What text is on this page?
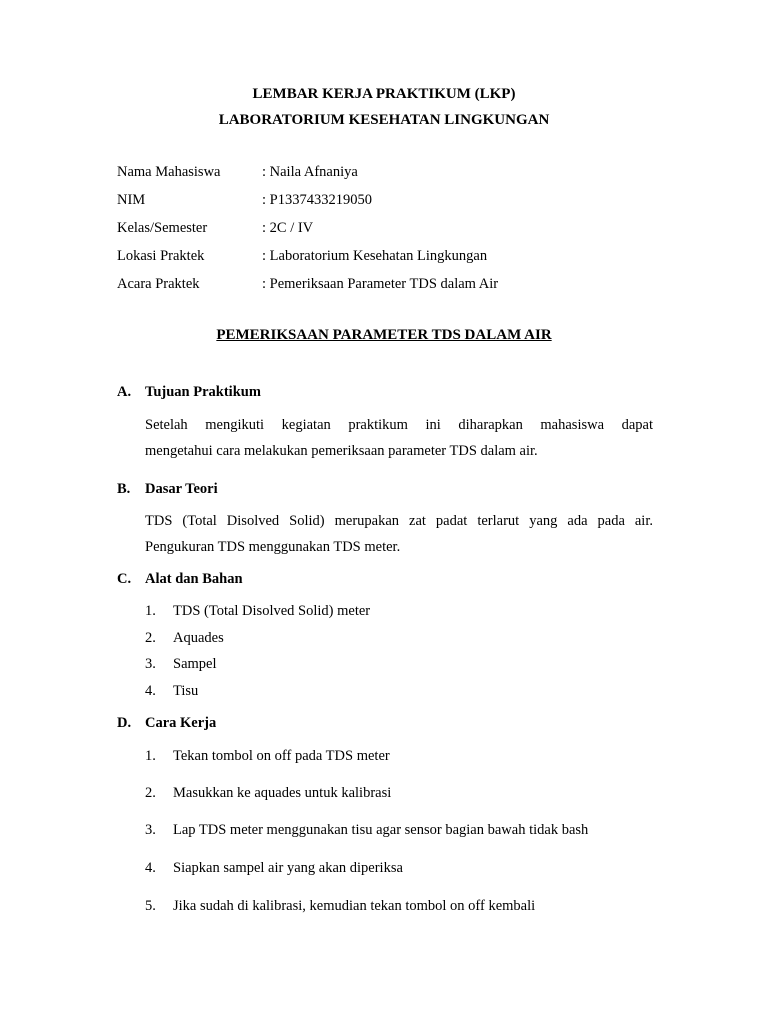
LEMBAR KERJA PRAKTIKUM (LKP)
LABORATORIUM KESEHATAN LINGKUNGAN
Nama Mahasiswa	: Naila Afnaniya
NIM	: P1337433219050
Kelas/Semester	: 2C / IV
Lokasi Praktek	: Laboratorium Kesehatan Lingkungan
Acara Praktek	: Pemeriksaan Parameter TDS dalam Air
PEMERIKSAAN PARAMETER TDS DALAM AIR
A. Tujuan Praktikum
Setelah mengikuti kegiatan praktikum ini diharapkan mahasiswa dapat
mengetahui cara melakukan pemeriksaan parameter TDS dalam air.
B. Dasar Teori
TDS (Total Disolved Solid) merupakan zat padat terlarut yang ada pada air.
Pengukuran TDS menggunakan TDS meter.
C. Alat dan Bahan
1. TDS (Total Disolved Solid) meter
2. Aquades
3. Sampel
4. Tisu
D. Cara Kerja
1. Tekan tombol on off pada TDS meter
2. Masukkan ke aquades untuk kalibrasi
3. Lap TDS meter menggunakan tisu agar sensor bagian bawah tidak bash
4. Siapkan sampel air yang akan diperiksa
5. Jika sudah di kalibrasi, kemudian tekan tombol on off kembali
